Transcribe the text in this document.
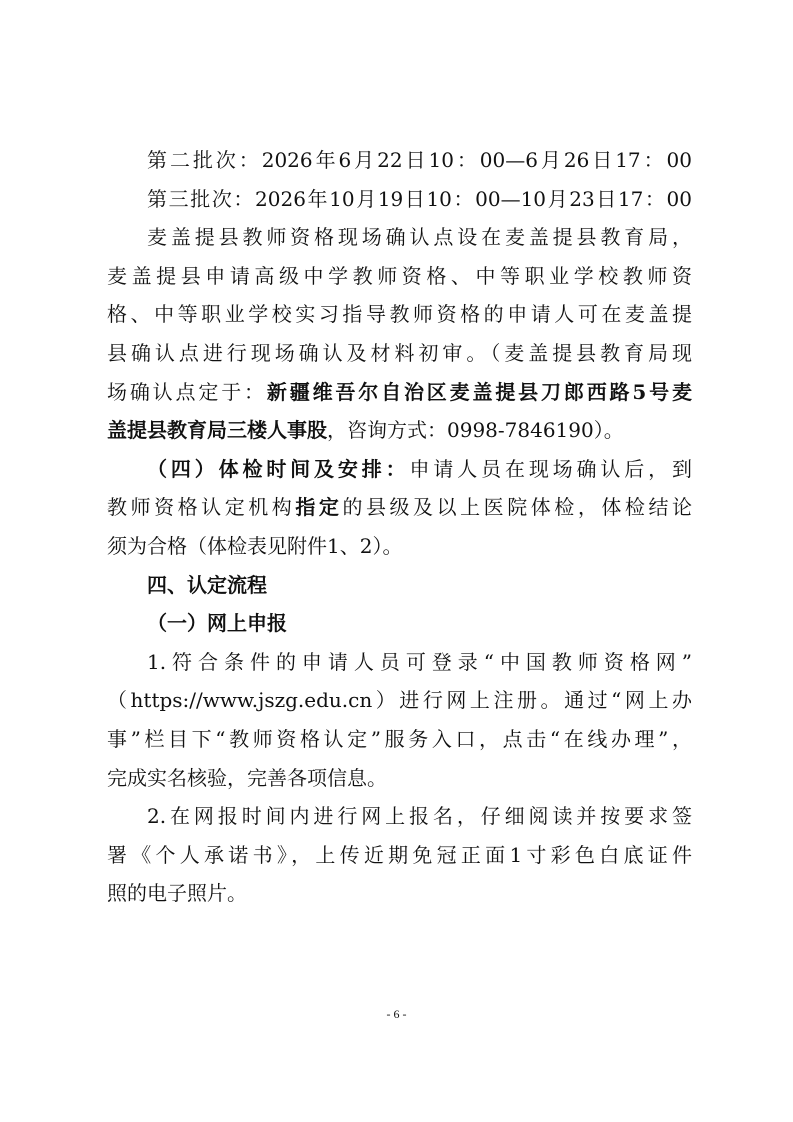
第二批次：2026年6月22日10：00—6月26日17：00
第三批次：2026年10月19日10：00—10月23日17：00
麦盖提县教师资格现场确认点设在麦盖提县教育局，
麦盖提县申请高级中学教师资格、中等职业学校教师资
格、中等职业学校实习指导教师资格的申请人可在麦盖提
县确认点进行现场确认及材料初审。（麦盖提县教育局现
场确认点定于：新疆维吾尔自治区麦盖提县刀郎西路5号麦
盖提县教育局三楼人事股，咨询方式：0998-7846190）。
（四）体检时间及安排：申请人员在现场确认后，到
教师资格认定机构指定的县级及以上医院体检，体检结论
须为合格（体检表见附件1、2）。
四、认定流程
（一）网上申报
1.符合条件的申请人员可登录“中国教师资格网”
（https://www.jszg.edu.cn）进行网上注册。通过“网上办
事”栏目下“教师资格认定”服务入口，点击“在线办理”，
完成实名核验，完善各项信息。
2.在网报时间内进行网上报名，仔细阅读并按要求签
署《个人承诺书》，上传近期免冠正面1寸彩色白底证件
照的电子照片。
- 6 -
